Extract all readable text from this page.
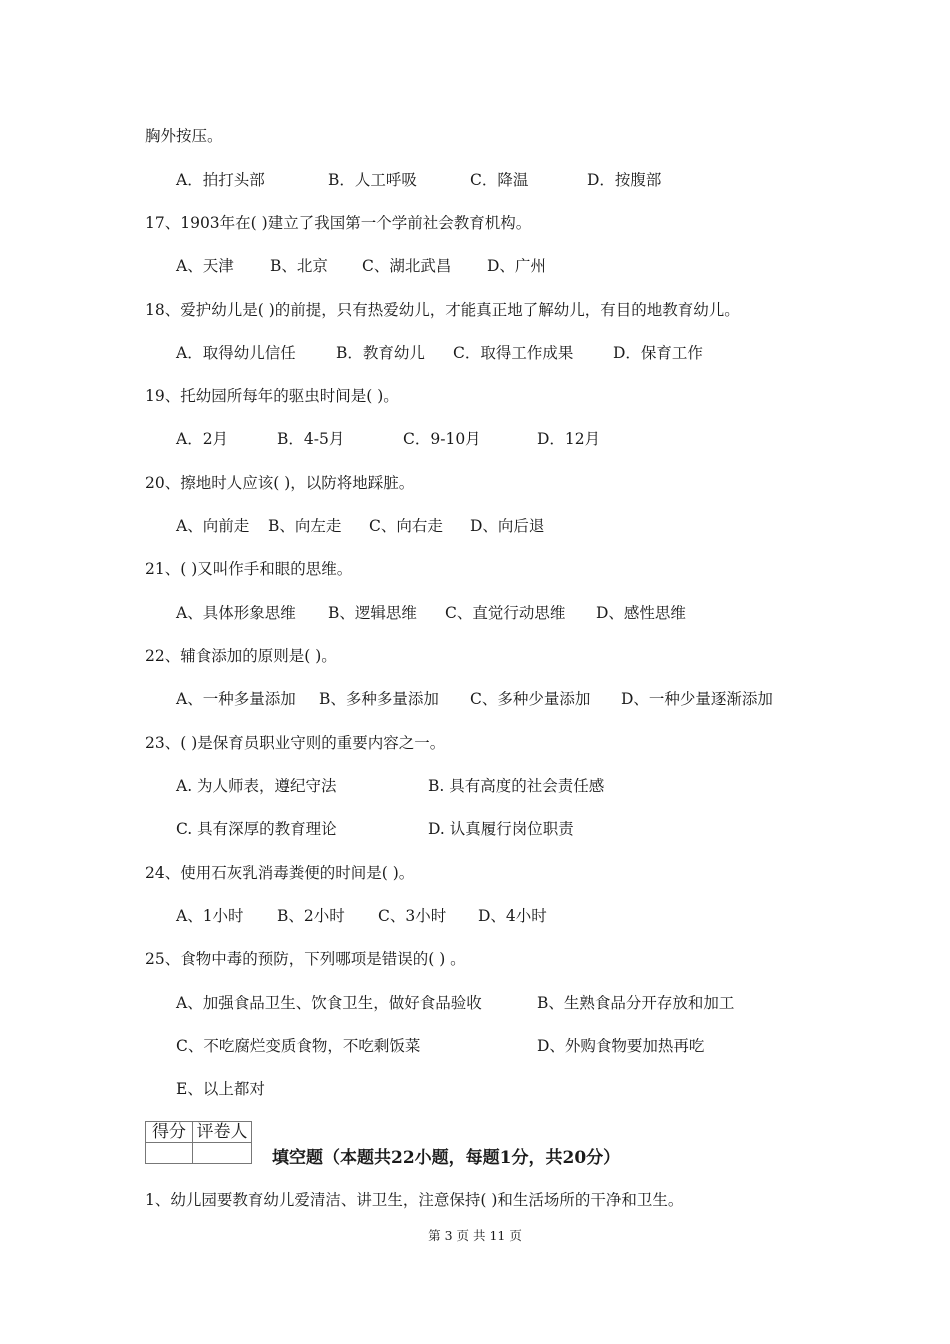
胸外按压。
A．拍打头部	B．人工呼吸	C．降温	D．按腹部
17、1903年在( )建立了我国第一个学前社会教育机构。
A、天津 B、北京 C、湖北武昌 D、广州
18、爱护幼儿是( )的前提，只有热爱幼儿，才能真正地了解幼儿，有目的地教育幼儿。
A．取得幼儿信任	B．教育幼儿 C．取得工作成果	D．保育工作
19、托幼园所每年的驱虫时间是( )。
A．2月	B．4-5月	C．9-10月	D．12月
20、擦地时人应该( )，以防将地踩脏。
A、向前走 B、向左走 C、向右走 D、向后退
21、( )又叫作手和眼的思维。
A、具体形象思维 B、逻辑思维 C、直觉行动思维 D、感性思维
22、辅食添加的原则是( )。
A、一种多量添加 B、多种多量添加 C、多种少量添加 D、一种少量逐渐添加
23、( )是保育员职业守则的重要内容之一。
A. 为人师表，遵纪守法	B. 具有高度的社会责任感
C. 具有深厚的教育理论	D. 认真履行岗位职责
24、使用石灰乳消毒粪便的时间是( )。
A、1小时 B、2小时 C、3小时 D、4小时
25、食物中毒的预防，下列哪项是错误的( ) 。
A、加强食品卫生、饮食卫生，做好食品验收	B、生熟食品分开存放和加工
C、不吃腐烂变质食物，不吃剩饭菜	D、外购食物要加热再吃
E、以上都对
得分	评卷人

填空题（本题共22小题，每题1分，共20分）
1、幼儿园要教育幼儿爱清洁、讲卫生，注意保持( )和生活场所的干净和卫生。
第 3 页 共 11 页
